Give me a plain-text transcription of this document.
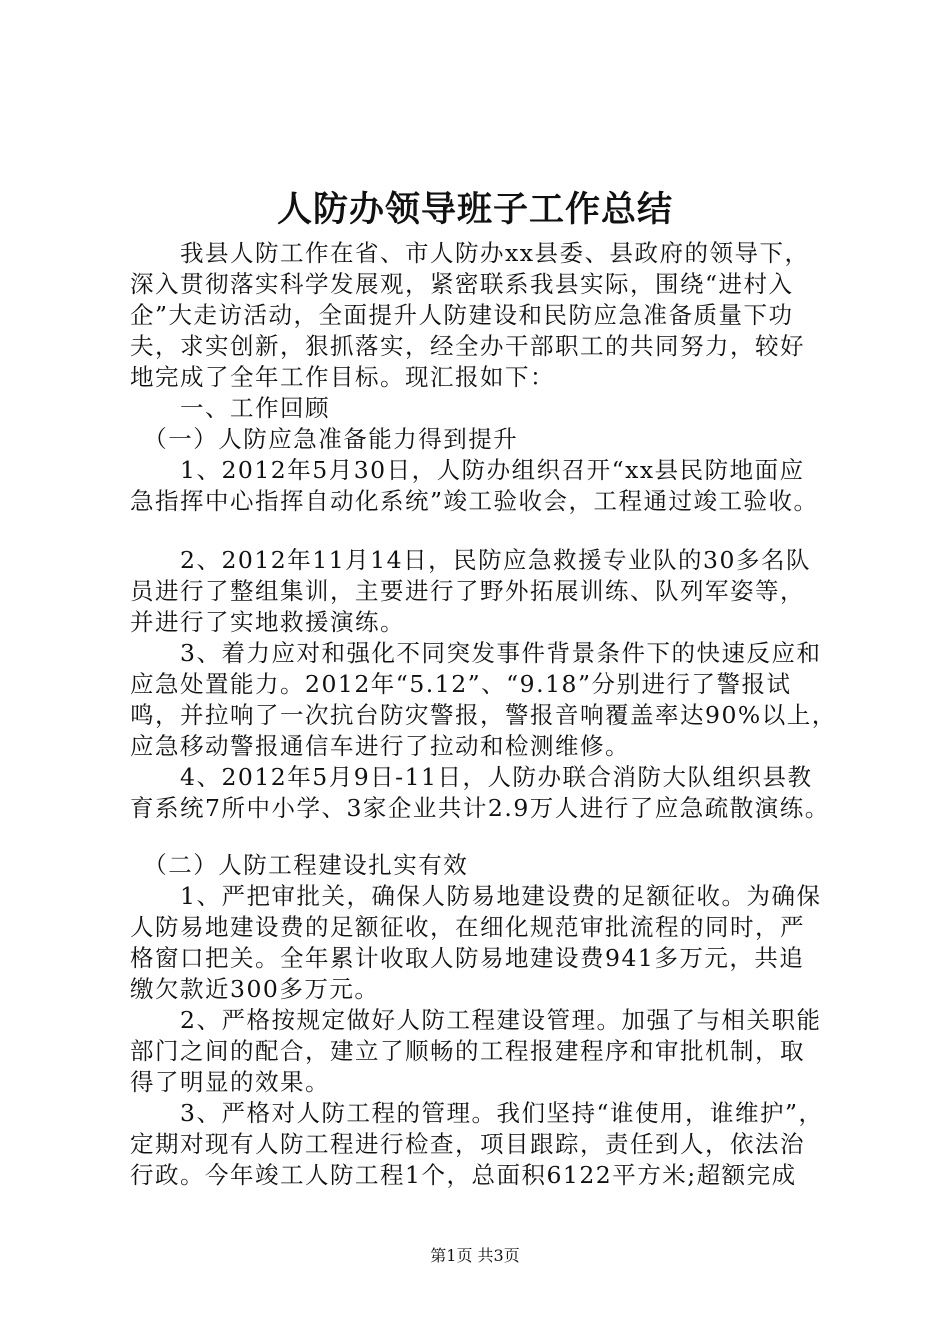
人防办领导班子工作总结
　　我县人防工作在省、市人防办xx县委、县政府的领导下，
深入贯彻落实科学发展观，紧密联系我县实际，围绕“进村入
企”大走访活动，全面提升人防建设和民防应急准备质量下功
夫，求实创新，狠抓落实，经全办干部职工的共同努力，较好
地完成了全年工作目标。现汇报如下：
　　一、工作回顾
　（一）人防应急准备能力得到提升
　　1、2012年5月30日，人防办组织召开“xx县民防地面应
急指挥中心指挥自动化系统”竣工验收会，工程通过竣工验收。
　　2、2012年11月14日，民防应急救援专业队的30多名队
员进行了整组集训，主要进行了野外拓展训练、队列军姿等，
并进行了实地救援演练。
　　3、着力应对和强化不同突发事件背景条件下的快速反应和
应急处置能力。2012年“5.12”、“9.18”分别进行了警报试
鸣，并拉响了一次抗台防灾警报，警报音响覆盖率达90%以上，
应急移动警报通信车进行了拉动和检测维修。
　　4、2012年5月9日-11日，人防办联合消防大队组织县教
育系统7所中小学、3家企业共计2.9万人进行了应急疏散演练。
　（二）人防工程建设扎实有效
　　1、严把审批关，确保人防易地建设费的足额征收。为确保
人防易地建设费的足额征收，在细化规范审批流程的同时，严
格窗口把关。全年累计收取人防易地建设费941多万元，共追
缴欠款近300多万元。
　　2、严格按规定做好人防工程建设管理。加强了与相关职能
部门之间的配合，建立了顺畅的工程报建程序和审批机制，取
得了明显的效果。
　　3、严格对人防工程的管理。我们坚持“谁使用，谁维护”，
定期对现有人防工程进行检查，项目跟踪，责任到人，依法治
行政。今年竣工人防工程1个，总面积6122平方米;超额完成
第1页 共3页
